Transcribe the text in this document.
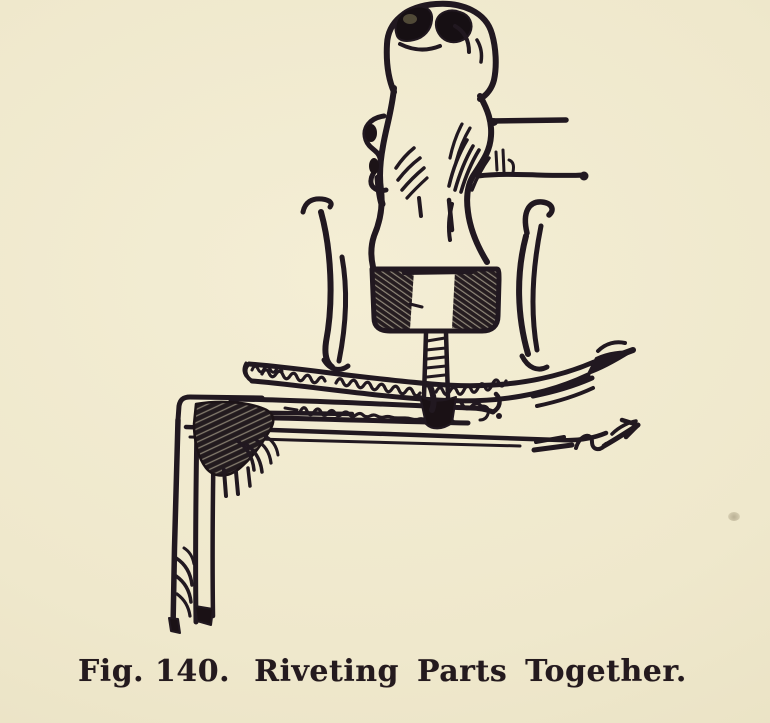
Fig. 140. Riveting Parts Together.
